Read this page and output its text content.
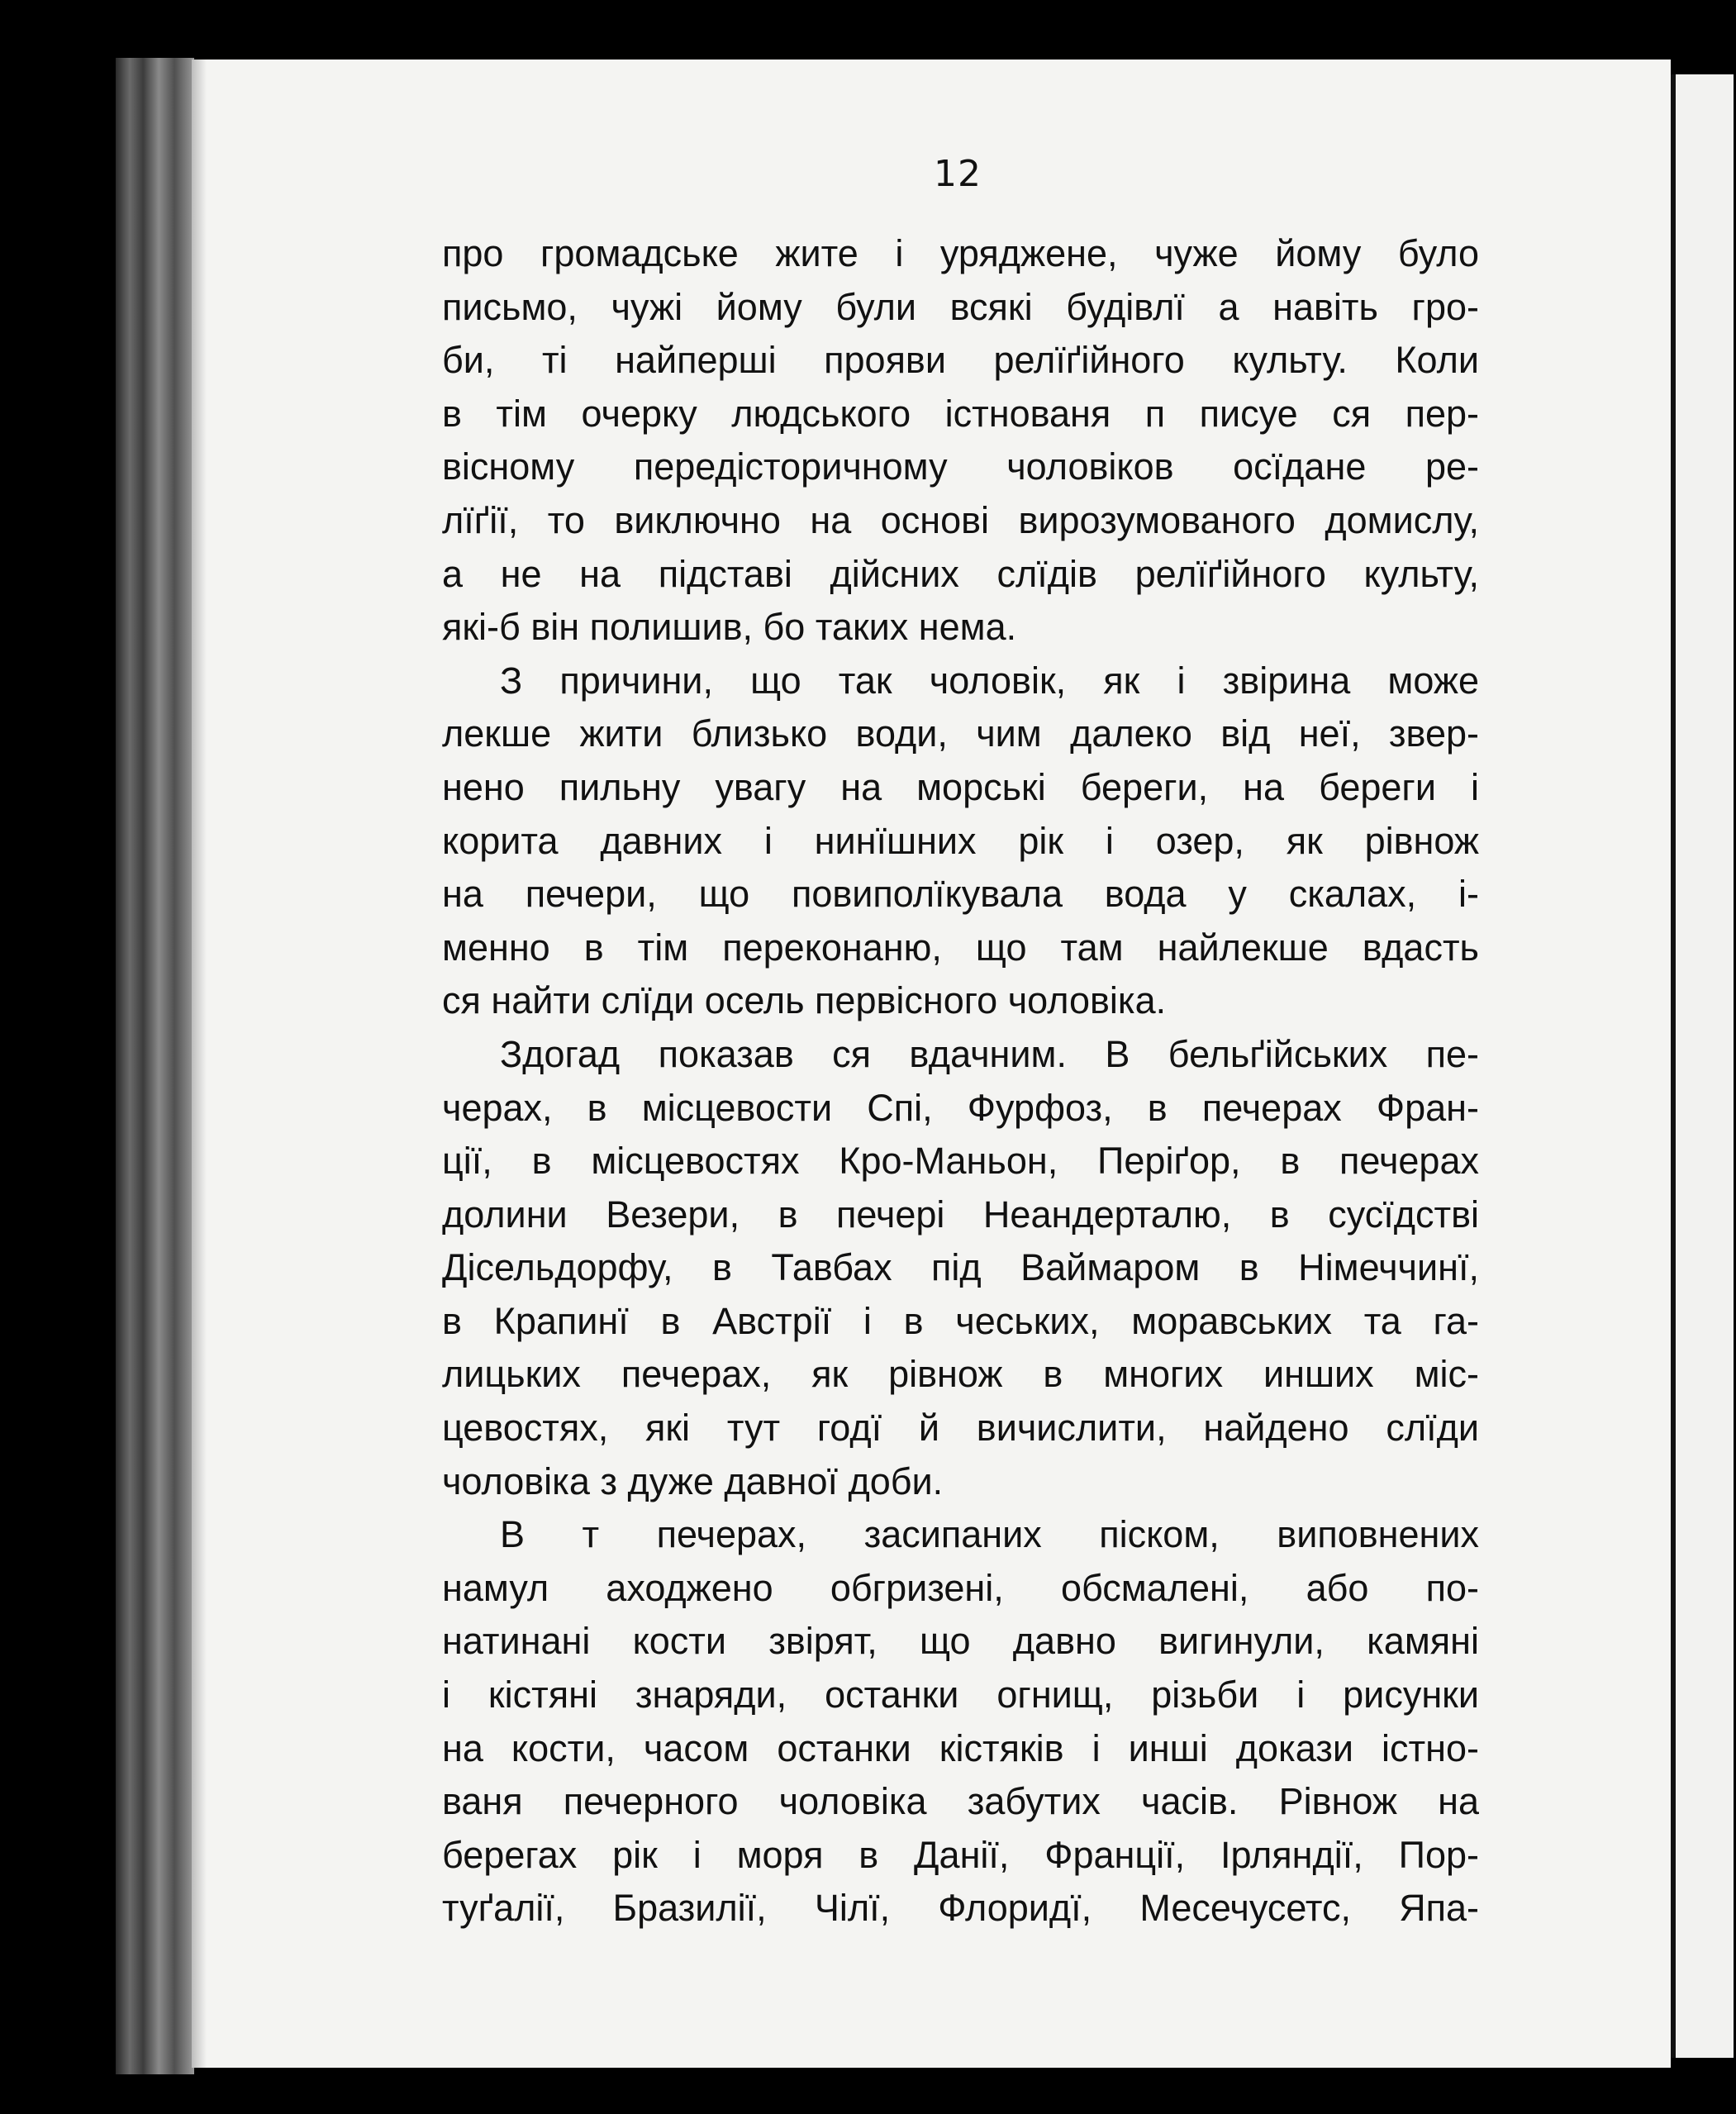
12
про громадське жите і уряджене, чуже йому було
письмо, чужі йому були всякі будівлї а навіть гро-
би, ті найперші прояви релїґійного культу. Коли
в тім очерку людського істнованя п писуе ся пер-
вісному передісторичному чоловіков осїдане ре-
лїґії, то виключно на основі вирозумованого домислу,
а не на підставі дійсних слїдів релїґійного культу,
які-б він полишив, бо таких нема.
З причини, що так чоловік, як і звірина може
лекше жити близько води, чим далеко від неї, звер-
нено пильну увагу на морські береги, на береги і
корита давних і нинїшних рік і озер, як рівнож
на печери, що повиполїкувала вода у скалах, і-
менно в тім переконаню, що там найлекше вдасть
ся найти слїди осель первісного чоловіка.
Здогад показав ся вдачним. В бельґійських пе-
черах, в місцевости Спі, Фурфоз, в печерах Фран-
ції, в місцевостях Кро-Маньон, Періґор, в печерах
долини Везери, в печері Неандерталю, в сусїдстві
Дісельдорфу, в Тавбах під Ваймаром в Німеччинї,
в Крапинї в Австрії і в чеських, моравських та га-
лицьких печерах, як рівнож в многих инших міс-
цевостях, які тут годї й вичислити, найдено слїди
чоловіка з дуже давної доби.
В т печерах, засипаних піском, виповнених
намул аходжено обгризені, обсмалені, або по-
натинані кости звірят, що давно вигинули, камяні
і кістяні знаряди, останки огнищ, різьби і рисунки
на кости, часом останки кістяків і инші докази істно-
ваня печерного чоловіка забутих часів. Рівнож на
берегах рік і моря в Данії, Франції, Ірляндії, Пор-
туґалії, Бразилії, Чілї, Флоридї, Месечусетс, Япа-
